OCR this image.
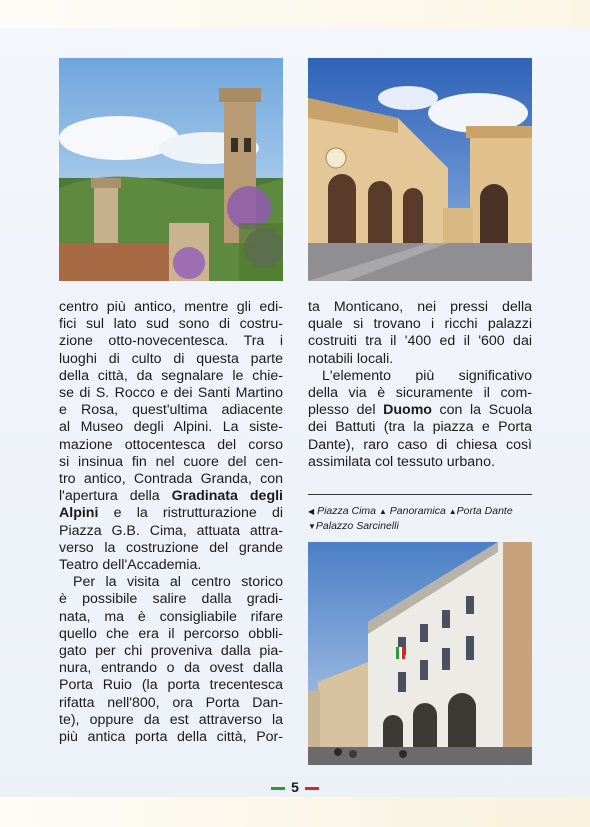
centro più antico, mentre gli edi-
fici sul lato sud sono di costru-
zione otto-novecentesca. Tra i
luoghi di culto di questa parte
della città, da segnalare le chie-
se di S. Rocco e dei Santi Martino
e Rosa, quest'ultima adiacente
al Museo degli Alpini. La siste-
mazione ottocentesca del corso
si insinua fin nel cuore del cen-
tro antico, Contrada Granda, con
l'apertura della Gradinata degli
Alpini e la ristrutturazione di
Piazza G.B. Cima, attuata attra-
verso la costruzione del grande
Teatro dell'Accademia.
Per la visita al centro storico
è possibile salire dalla gradi-
nata, ma è consigliabile rifare
quello che era il percorso obbli-
gato per chi proveniva dalla pia-
nura, entrando o da ovest dalla
Porta Ruio (la porta trecentesca
rifatta nell'800, ora Porta Dan-
te), oppure da est attraverso la
più antica porta della città, Por-
ta Monticano, nei pressi della
quale si trovano i ricchi palazzi
costruiti tra il '400 ed il '600 dai
notabili locali.
L'elemento più significativo
della via è sicuramente il com-
plesso del Duomo con la Scuola
dei Battuti (tra la piazza e Porta
Dante), raro caso di chiesa così
assimilata col tessuto urbano.
◀ Piazza Cima ▲ Panoramica ▲Porta Dante
▼Palazzo Sarcinelli
5
